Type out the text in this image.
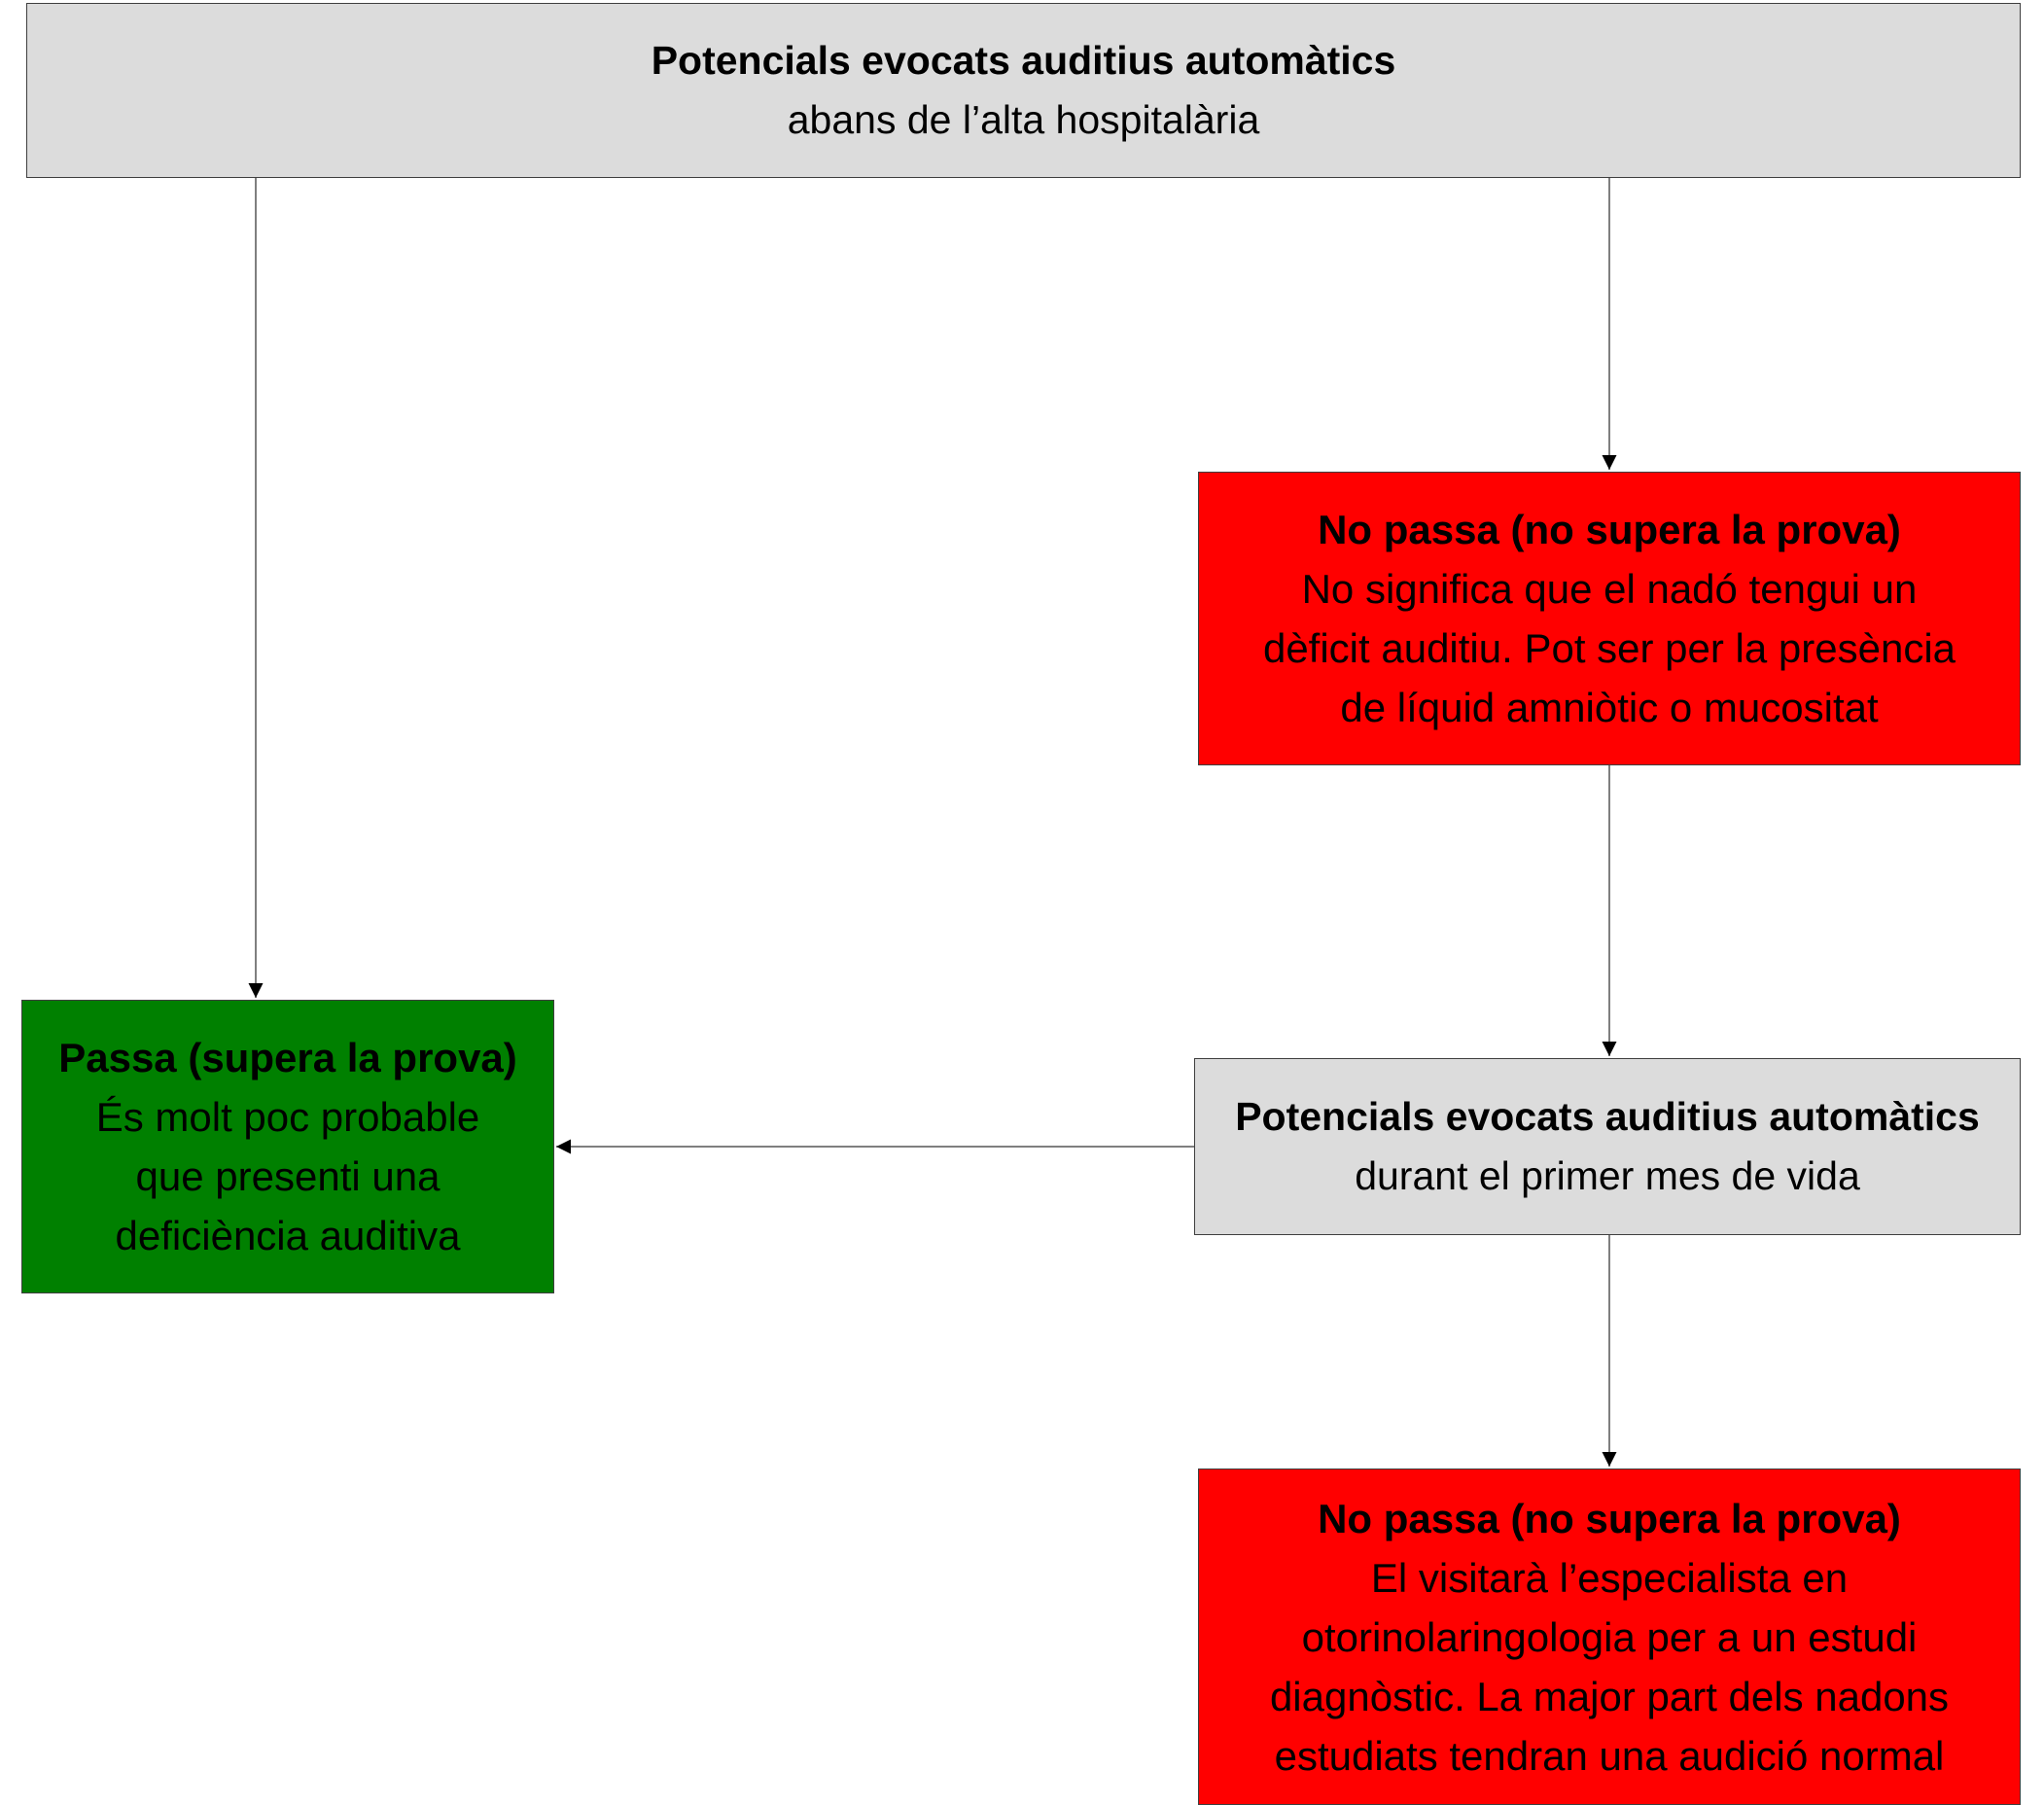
Potencials evocats auditius automàtics
abans de l’alta hospitalària
No passa (no supera la prova)
No significa que el nadó tengui un
dèficit auditiu. Pot ser per la presència
de líquid amniòtic o mucositat
Potencials evocats auditius automàtics
durant el primer mes de vida
Passa (supera la prova)
És molt poc probable
que presenti una
deficiència auditiva
No passa (no supera la prova)
El visitarà l’especialista en
otorinolaringologia per a un estudi
diagnòstic. La major part dels nadons
estudiats tendran una audició normal
